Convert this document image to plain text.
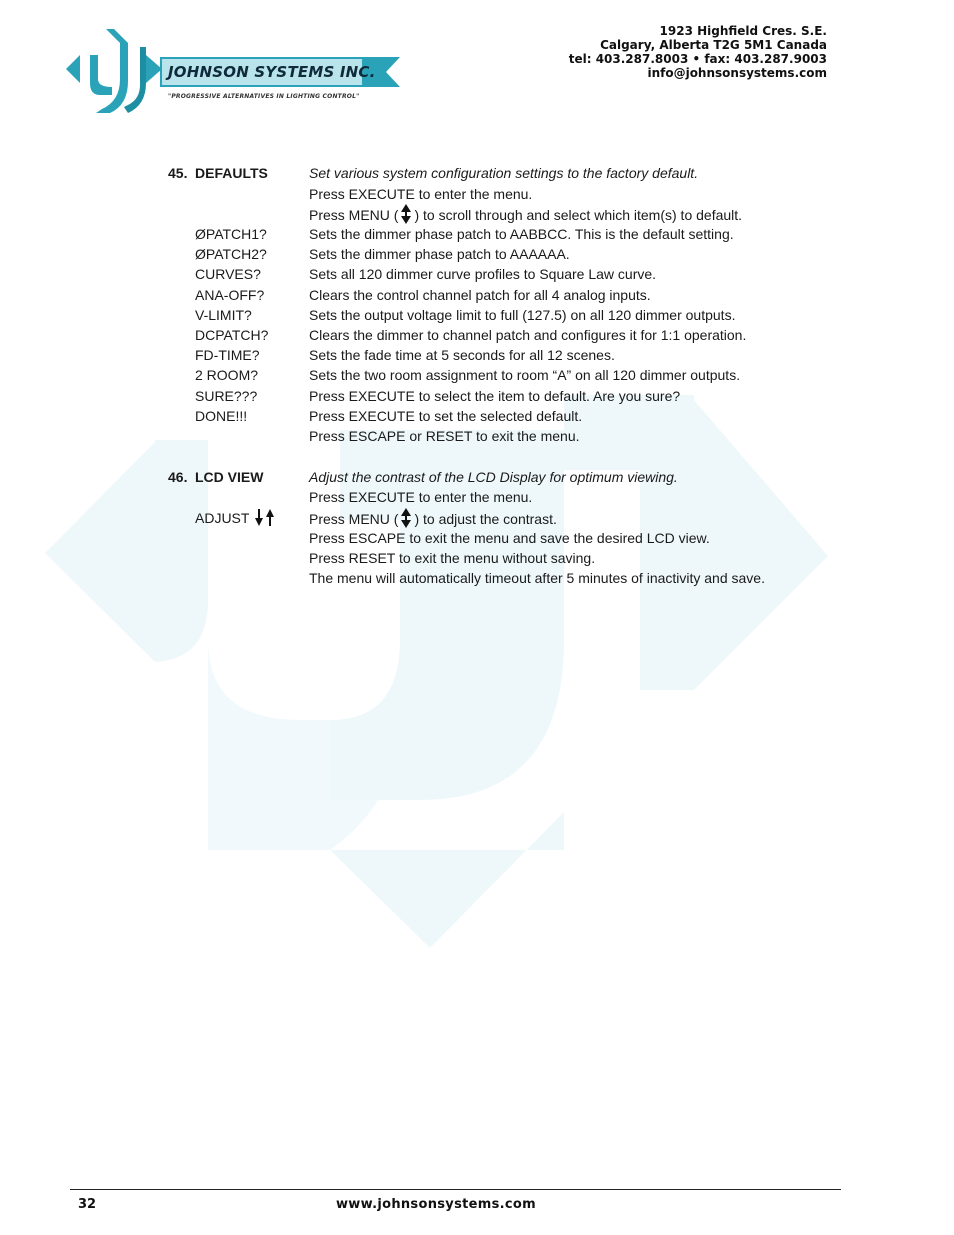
1923 Highfield Cres. S.E.
Calgary, Alberta T2G 5M1 Canada
tel: 403.287.8003 • fax: 403.287.9003
info@johnsonsystems.com
JOHNSON SYSTEMS INC.
"PROGRESSIVE ALTERNATIVES IN LIGHTING CONTROL"
45. DEFAULTS	Set various system configuration settings to the factory default.
Press EXECUTE to enter the menu.
Press MENU ( ) to scroll through and select which item(s) to default.
ØPATCH1?	Sets the dimmer phase patch to AABBCC. This is the default setting.
ØPATCH2?	Sets the dimmer phase patch to AAAAAA.
CURVES?	Sets all 120 dimmer curve profiles to Square Law curve.
ANA-OFF?	Clears the control channel patch for all 4 analog inputs.
V-LIMIT?	Sets the output voltage limit to full (127.5) on all 120 dimmer outputs.
DCPATCH?	Clears the dimmer to channel patch and configures it for 1:1 operation.
FD-TIME?	Sets the fade time at 5 seconds for all 12 scenes.
2 ROOM?	Sets the two room assignment to room “A” on all 120 dimmer outputs.
SURE???	Press EXECUTE to select the item to default. Are you sure?
DONE!!!	Press EXECUTE to set the selected default.
Press ESCAPE or RESET to exit the menu.
46. LCD VIEW	Adjust the contrast of the LCD Display for optimum viewing.
Press EXECUTE to enter the menu.
ADJUST	Press MENU ( ) to adjust the contrast.
Press ESCAPE to exit the menu and save the desired LCD view.
Press RESET to exit the menu without saving.
The menu will automatically timeout after 5 minutes of inactivity and save.
32	www.johnsonsystems.com
